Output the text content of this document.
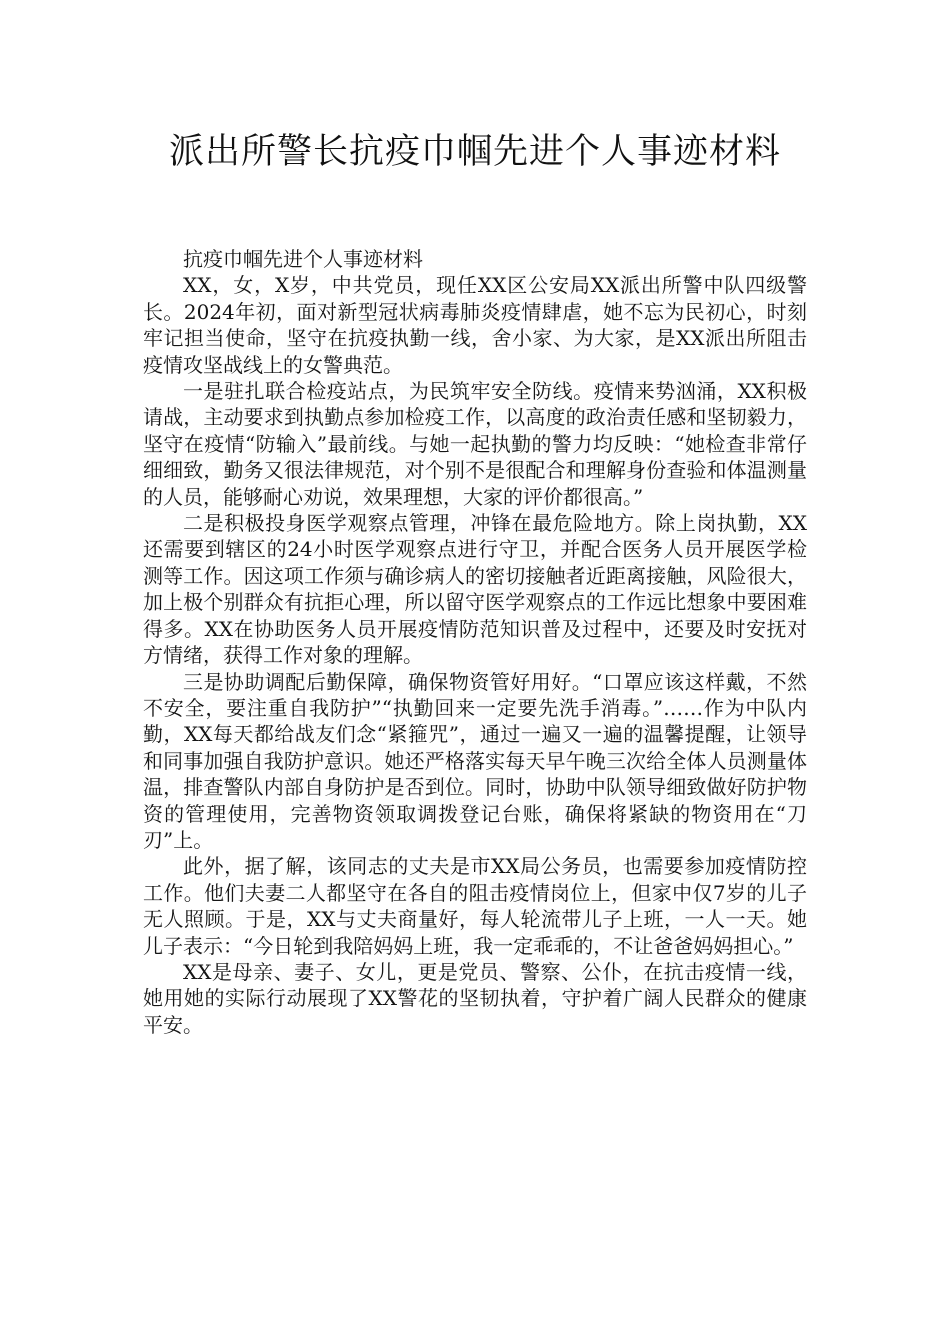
派出所警长抗疫巾帼先进个人事迹材料

抗疫巾帼先进个人事迹材料

XX，女，X岁，中共党员，现任XX区公安局XX派出所警中队四级警长。2024年初，面对新型冠状病毒肺炎疫情肆虐，她不忘为民初心，时刻牢记担当使命，坚守在抗疫执勤一线，舍小家、为大家，是XX派出所阻击疫情攻坚战线上的女警典范。

一是驻扎联合检疫站点，为民筑牢安全防线。疫情来势汹涌，XX积极请战，主动要求到执勤点参加检疫工作，以高度的政治责任感和坚韧毅力，坚守在疫情“防输入”最前线。与她一起执勤的警力均反映：“她检查非常仔细细致，勤务又很法律规范，对个别不是很配合和理解身份查验和体温测量的人员，能够耐心劝说，效果理想，大家的评价都很高。”

二是积极投身医学观察点管理，冲锋在最危险地方。除上岗执勤，XX还需要到辖区的24小时医学观察点进行守卫，并配合医务人员开展医学检测等工作。因这项工作须与确诊病人的密切接触者近距离接触，风险很大，加上极个别群众有抗拒心理，所以留守医学观察点的工作远比想象中要困难得多。XX在协助医务人员开展疫情防范知识普及过程中，还要及时安抚对方情绪，获得工作对象的理解。

三是协助调配后勤保障，确保物资管好用好。“口罩应该这样戴，不然不安全，要注重自我防护”“执勤回来一定要先洗手消毒。”……作为中队内勤，XX每天都给战友们念“紧箍咒”，通过一遍又一遍的温馨提醒，让领导和同事加强自我防护意识。她还严格落实每天早午晚三次给全体人员测量体温，排查警队内部自身防护是否到位。同时，协助中队领导细致做好防护物资的管理使用，完善物资领取调拨登记台账，确保将紧缺的物资用在“刀刃”上。

此外，据了解，该同志的丈夫是市XX局公务员，也需要参加疫情防控工作。他们夫妻二人都坚守在各自的阻击疫情岗位上，但家中仅7岁的儿子无人照顾。于是，XX与丈夫商量好，每人轮流带儿子上班，一人一天。她儿子表示：“今日轮到我陪妈妈上班，我一定乖乖的，不让爸爸妈妈担心。”

XX是母亲、妻子、女儿，更是党员、警察、公仆，在抗击疫情一线，她用她的实际行动展现了XX警花的坚韧执着，守护着广阔人民群众的健康平安。
